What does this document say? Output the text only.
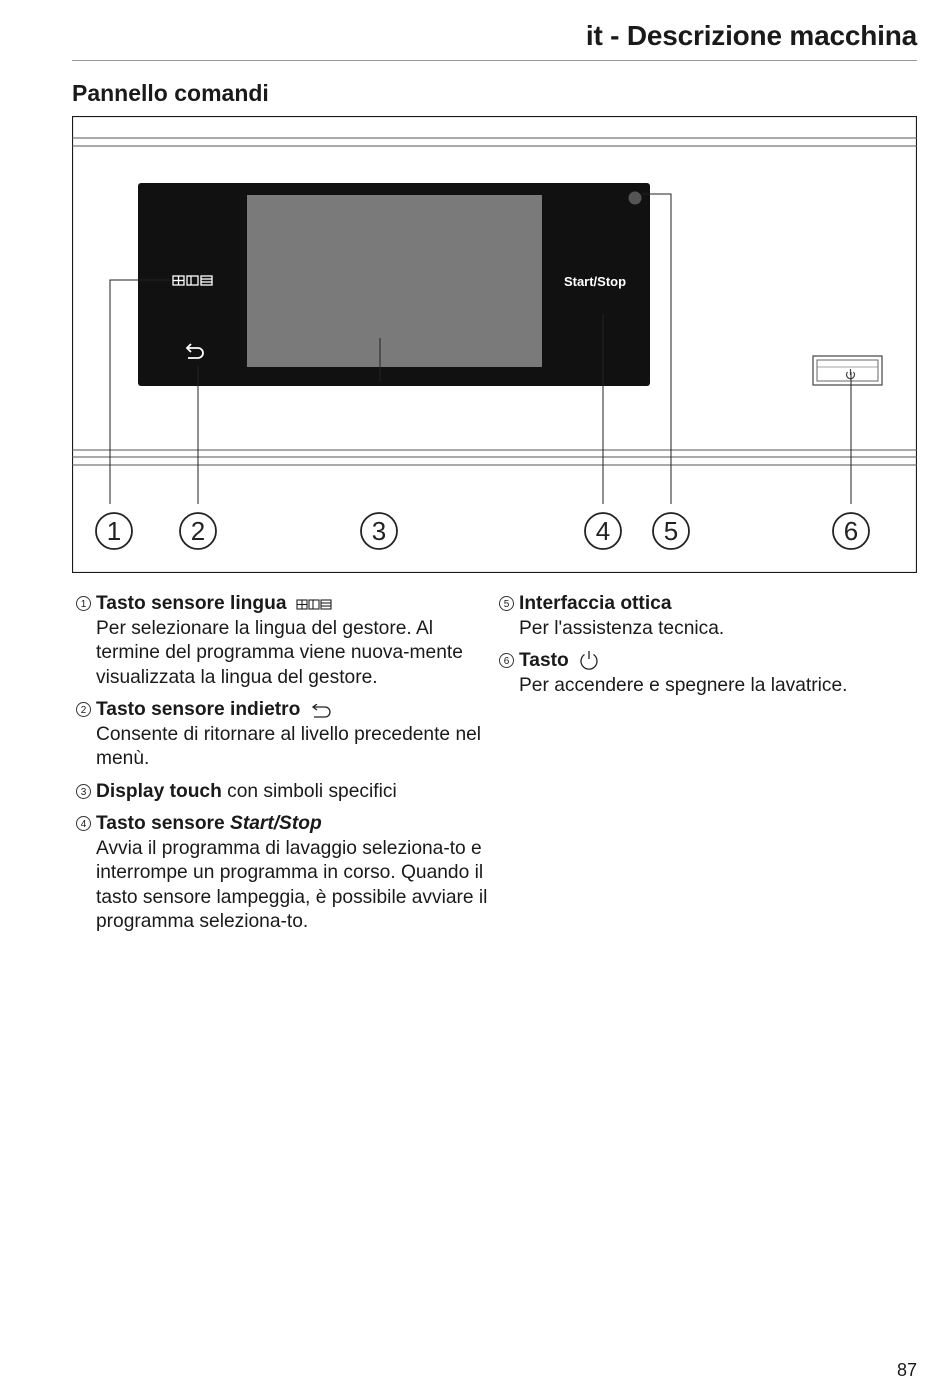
it - Descrizione macchina
Pannello comandi
Start/Stop
1	2	3	4 5	6
1 Tasto sensore lingua
Per selezionare la lingua del gestore. Al termine del programma viene nuova-mente visualizzata la lingua del gestore.
2 Tasto sensore indietro
Consente di ritornare al livello precedente nel menù.
3 Display touch con simboli specifici
4 Tasto sensore Start/Stop
Avvia il programma di lavaggio seleziona-to e interrompe un programma in corso. Quando il tasto sensore lampeggia, è possibile avviare il programma seleziona-to.
5 Interfaccia ottica
Per l'assistenza tecnica.
6 Tasto
Per accendere e spegnere la lavatrice.
87
